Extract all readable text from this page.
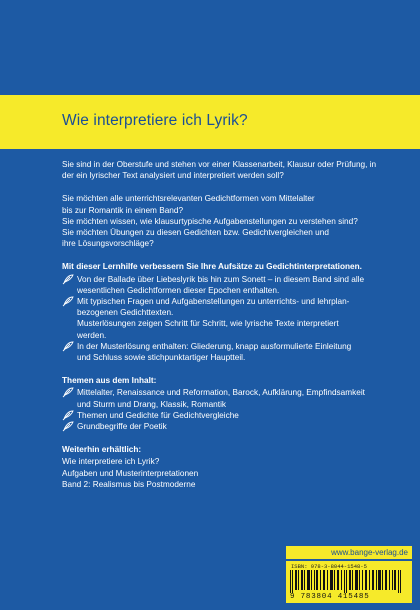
Wie interpretiere ich Lyrik?

Sie sind in der Oberstufe und stehen vor einer Klassenarbeit, Klausur oder Prüfung, in
der ein lyrischer Text analysiert und interpretiert werden soll?

Sie möchten alle unterrichtsrelevanten Gedichtformen vom Mittelalter
bis zur Romantik in einem Band?
Sie möchten wissen, wie klausurtypische Aufgabenstellungen zu verstehen sind?
Sie möchten Übungen zu diesen Gedichten bzw. Gedichtvergleichen und
ihre Lösungsvorschläge?

Mit dieser Lernhilfe verbessern Sie Ihre Aufsätze zu Gedichtinterpretationen.

Von der Ballade über Liebeslyrik bis hin zum Sonett – in diesem Band sind alle
wesentlichen Gedichtformen dieser Epochen enthalten.
Mit typischen Fragen und Aufgabenstellungen zu unterrichts- und lehrplan-
bezogenen Gedichttexten.
Musterlösungen zeigen Schritt für Schritt, wie lyrische Texte interpretiert
werden.
In der Musterlösung enthalten: Gliederung, knapp ausformulierte Einleitung
und Schluss sowie stichpunktartiger Hauptteil.

Themen aus dem Inhalt:

Mittelalter, Renaissance und Reformation, Barock, Aufklärung, Empfindsamkeit
und Sturm und Drang, Klassik, Romantik
Themen und Gedichte für Gedichtvergleiche
Grundbegriffe der Poetik

Weiterhin erhältlich:

Wie interpretiere ich Lyrik?
Aufgaben und Musterinterpretationen
Band 2: Realismus bis Postmoderne

www.bange-verlag.de
ISBN: 978-3-8044-1548-5
9 783804 415485
